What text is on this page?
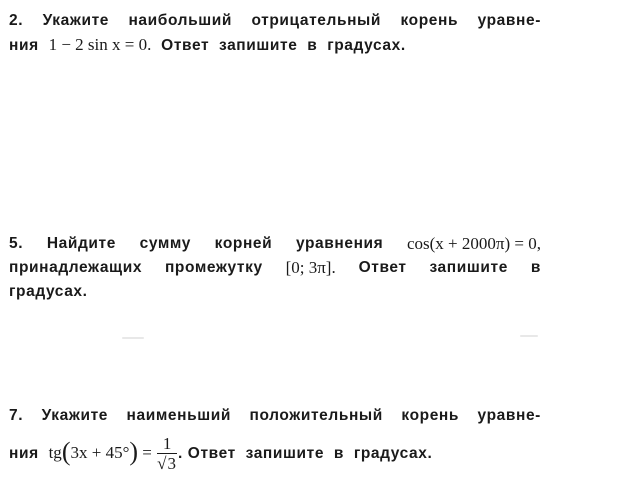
2. Укажите наибольший отрицательный корень уравне-
ния 1 − 2 sin x = 0. Ответ  запишите  в  градусах.
5. Найдите сумму корней уравнения cos(x + 2000π) = 0,
принадлежащих промежутку [0; 3π]. Ответ запишите в
градусах.
7. Укажите наименьший положительный корень уравне-
ния $tg(3x + 45^\circ) = \frac{1}{√3}$ . Ответ  запишите  в  градусах.
